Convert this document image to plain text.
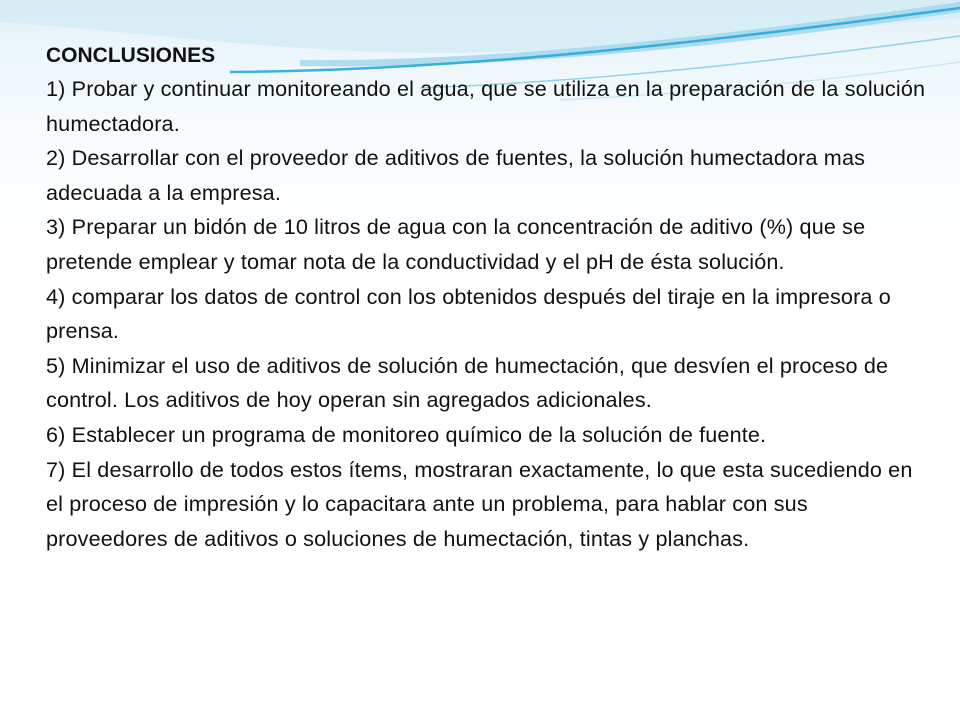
CONCLUSIONES
1) Probar y continuar monitoreando el agua, que se utiliza en la preparación de la solución humectadora.
2) Desarrollar con el proveedor de aditivos de fuentes, la solución humectadora mas adecuada a la empresa.
3) Preparar un bidón de 10 litros de agua con la concentración de aditivo (%) que se pretende emplear y tomar nota de la conductividad y el pH de ésta solución.
4) comparar los datos de control con los obtenidos después del tiraje en la impresora o prensa.
5) Minimizar el uso de aditivos de solución de humectación, que desvíen el proceso de control. Los aditivos de hoy operan sin agregados adicionales.
6) Establecer un programa de monitoreo químico de la solución de fuente.
7) El desarrollo de todos estos ítems, mostraran exactamente, lo que esta sucediendo en el proceso de impresión y lo capacitara ante un problema, para hablar con sus proveedores de aditivos o soluciones de humectación, tintas y planchas.
